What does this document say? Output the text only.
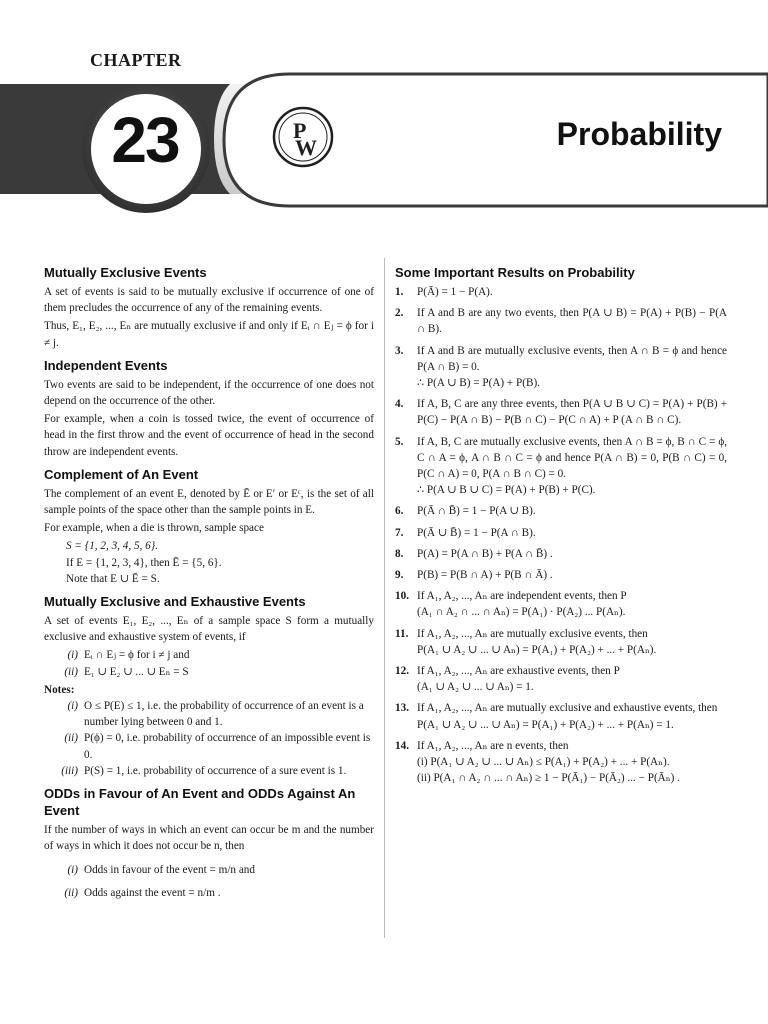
CHAPTER
23	P
W	Probability
Mutually Exclusive Events

A set of events is said to be mutually exclusive if occurrence of one of them precludes the occurrence of any of the remaining events.

Thus, E₁, E₂, ..., Eₙ are mutually exclusive if and only if Eᵢ ∩ Eⱼ = ϕ for i ≠ j.

Independent Events

Two events are said to be independent, if the occurrence of one does not depend on the occurrence of the other.

For example, when a coin is tossed twice, the event of occurrence of head in the first throw and the event of occurrence of head in the second throw are independent events.

Complement of An Event

The complement of an event E, denoted by Ē or E′ or Eᶜ, is the set of all sample points of the space other than the sample points in E.

For example, when a die is thrown, sample space

S = {1, 2, 3, 4, 5, 6}.

If E = {1, 2, 3, 4}, then Ē = {5, 6}.

Note that E ∪ Ē = S.

Mutually Exclusive and Exhaustive Events

A set of events E₁, E₂, ..., Eₙ of a sample space S form a mutually exclusive and exhaustive system of events, if

(i) Eᵢ ∩ Eⱼ = ϕ for i ≠ j and
(ii) E₁ ∪ E₂ ∪ ... ∪ Eₙ = S

Notes:

(i) O ≤ P(E) ≤ 1, i.e. the probability of occurrence of an event is a number lying between 0 and 1.
(ii) P(ϕ) = 0, i.e. probability of occurrence of an impossible event is 0.
(iii) P(S) = 1, i.e. probability of occurrence of a sure event is 1.
ODDs in Favour of An Event and ODDs Against An Event

If the number of ways in which an event can occur be m and the number of ways in which it does not occur be n, then

(i) Odds in favour of the event = m/n and
(ii) Odds against the event = n/m .
Some Important Results on Probability
1.	P(Ā) = 1 − P(A).
2.	If A and B are any two events, then P(A ∪ B) = P(A) + P(B) − P(A ∩ B).
3.	If A and B are mutually exclusive events, then A ∩ B = ϕ and hence P(A ∩ B) = 0.
∴ P(A ∪ B) = P(A) + P(B).
4.	If A, B, C are any three events, then P(A ∪ B ∪ C) = P(A) + P(B) + P(C) − P(A ∩ B) − P(B ∩ C) − P(C ∩ A) + P (A ∩ B ∩ C).
5.	If A, B, C are mutually exclusive events, then A ∩ B = ϕ, B ∩ C = ϕ, C ∩ A = ϕ, A ∩ B ∩ C = ϕ and hence P(A ∩ B) = 0, P(B ∩ C) = 0, P(C ∩ A) = 0, P(A ∩ B ∩ C) = 0.
∴ P(A ∪ B ∪ C) = P(A) + P(B) + P(C).
6.	P(Ā ∩ B̄) = 1 − P(A ∪ B).
7.	P(Ā ∪ B̄) = 1 − P(A ∩ B).
8.	P(A) = P(A ∩ B) + P(A ∩ B̄) .
9.	P(B) = P(B ∩ A) + P(B ∩ Ā) .
10. If A₁, A₂, ..., Aₙ are independent events, then P
(A₁ ∩ A₂ ∩ ... ∩ Aₙ) = P(A₁) · P(A₂) ... P(Aₙ).
11. If A₁, A₂, ..., Aₙ are mutually exclusive events, then
P(A₁ ∪ A₂ ∪ ... ∪ Aₙ) = P(A₁) + P(A₂) + ... + P(Aₙ).
12. If A₁, A₂, ..., Aₙ are exhaustive events, then P
(A₁ ∪ A₂ ∪ ... ∪ Aₙ) = 1.
13. If A₁, A₂, ..., Aₙ are mutually exclusive and exhaustive events, then
P(A₁ ∪ A₂ ∪ ... ∪ Aₙ) = P(A₁) + P(A₂) + ... + P(Aₙ) = 1.
14. If A₁, A₂, ..., Aₙ are n events, then
(i) P(A₁ ∪ A₂ ∪ ... ∪ Aₙ) ≤ P(A₁) + P(A₂) + ... + P(Aₙ).
(ii) P(A₁ ∩ A₂ ∩ ... ∩ Aₙ) ≥ 1 − P(Ā₁) − P(Ā₂) ... − P(Āₙ) .
